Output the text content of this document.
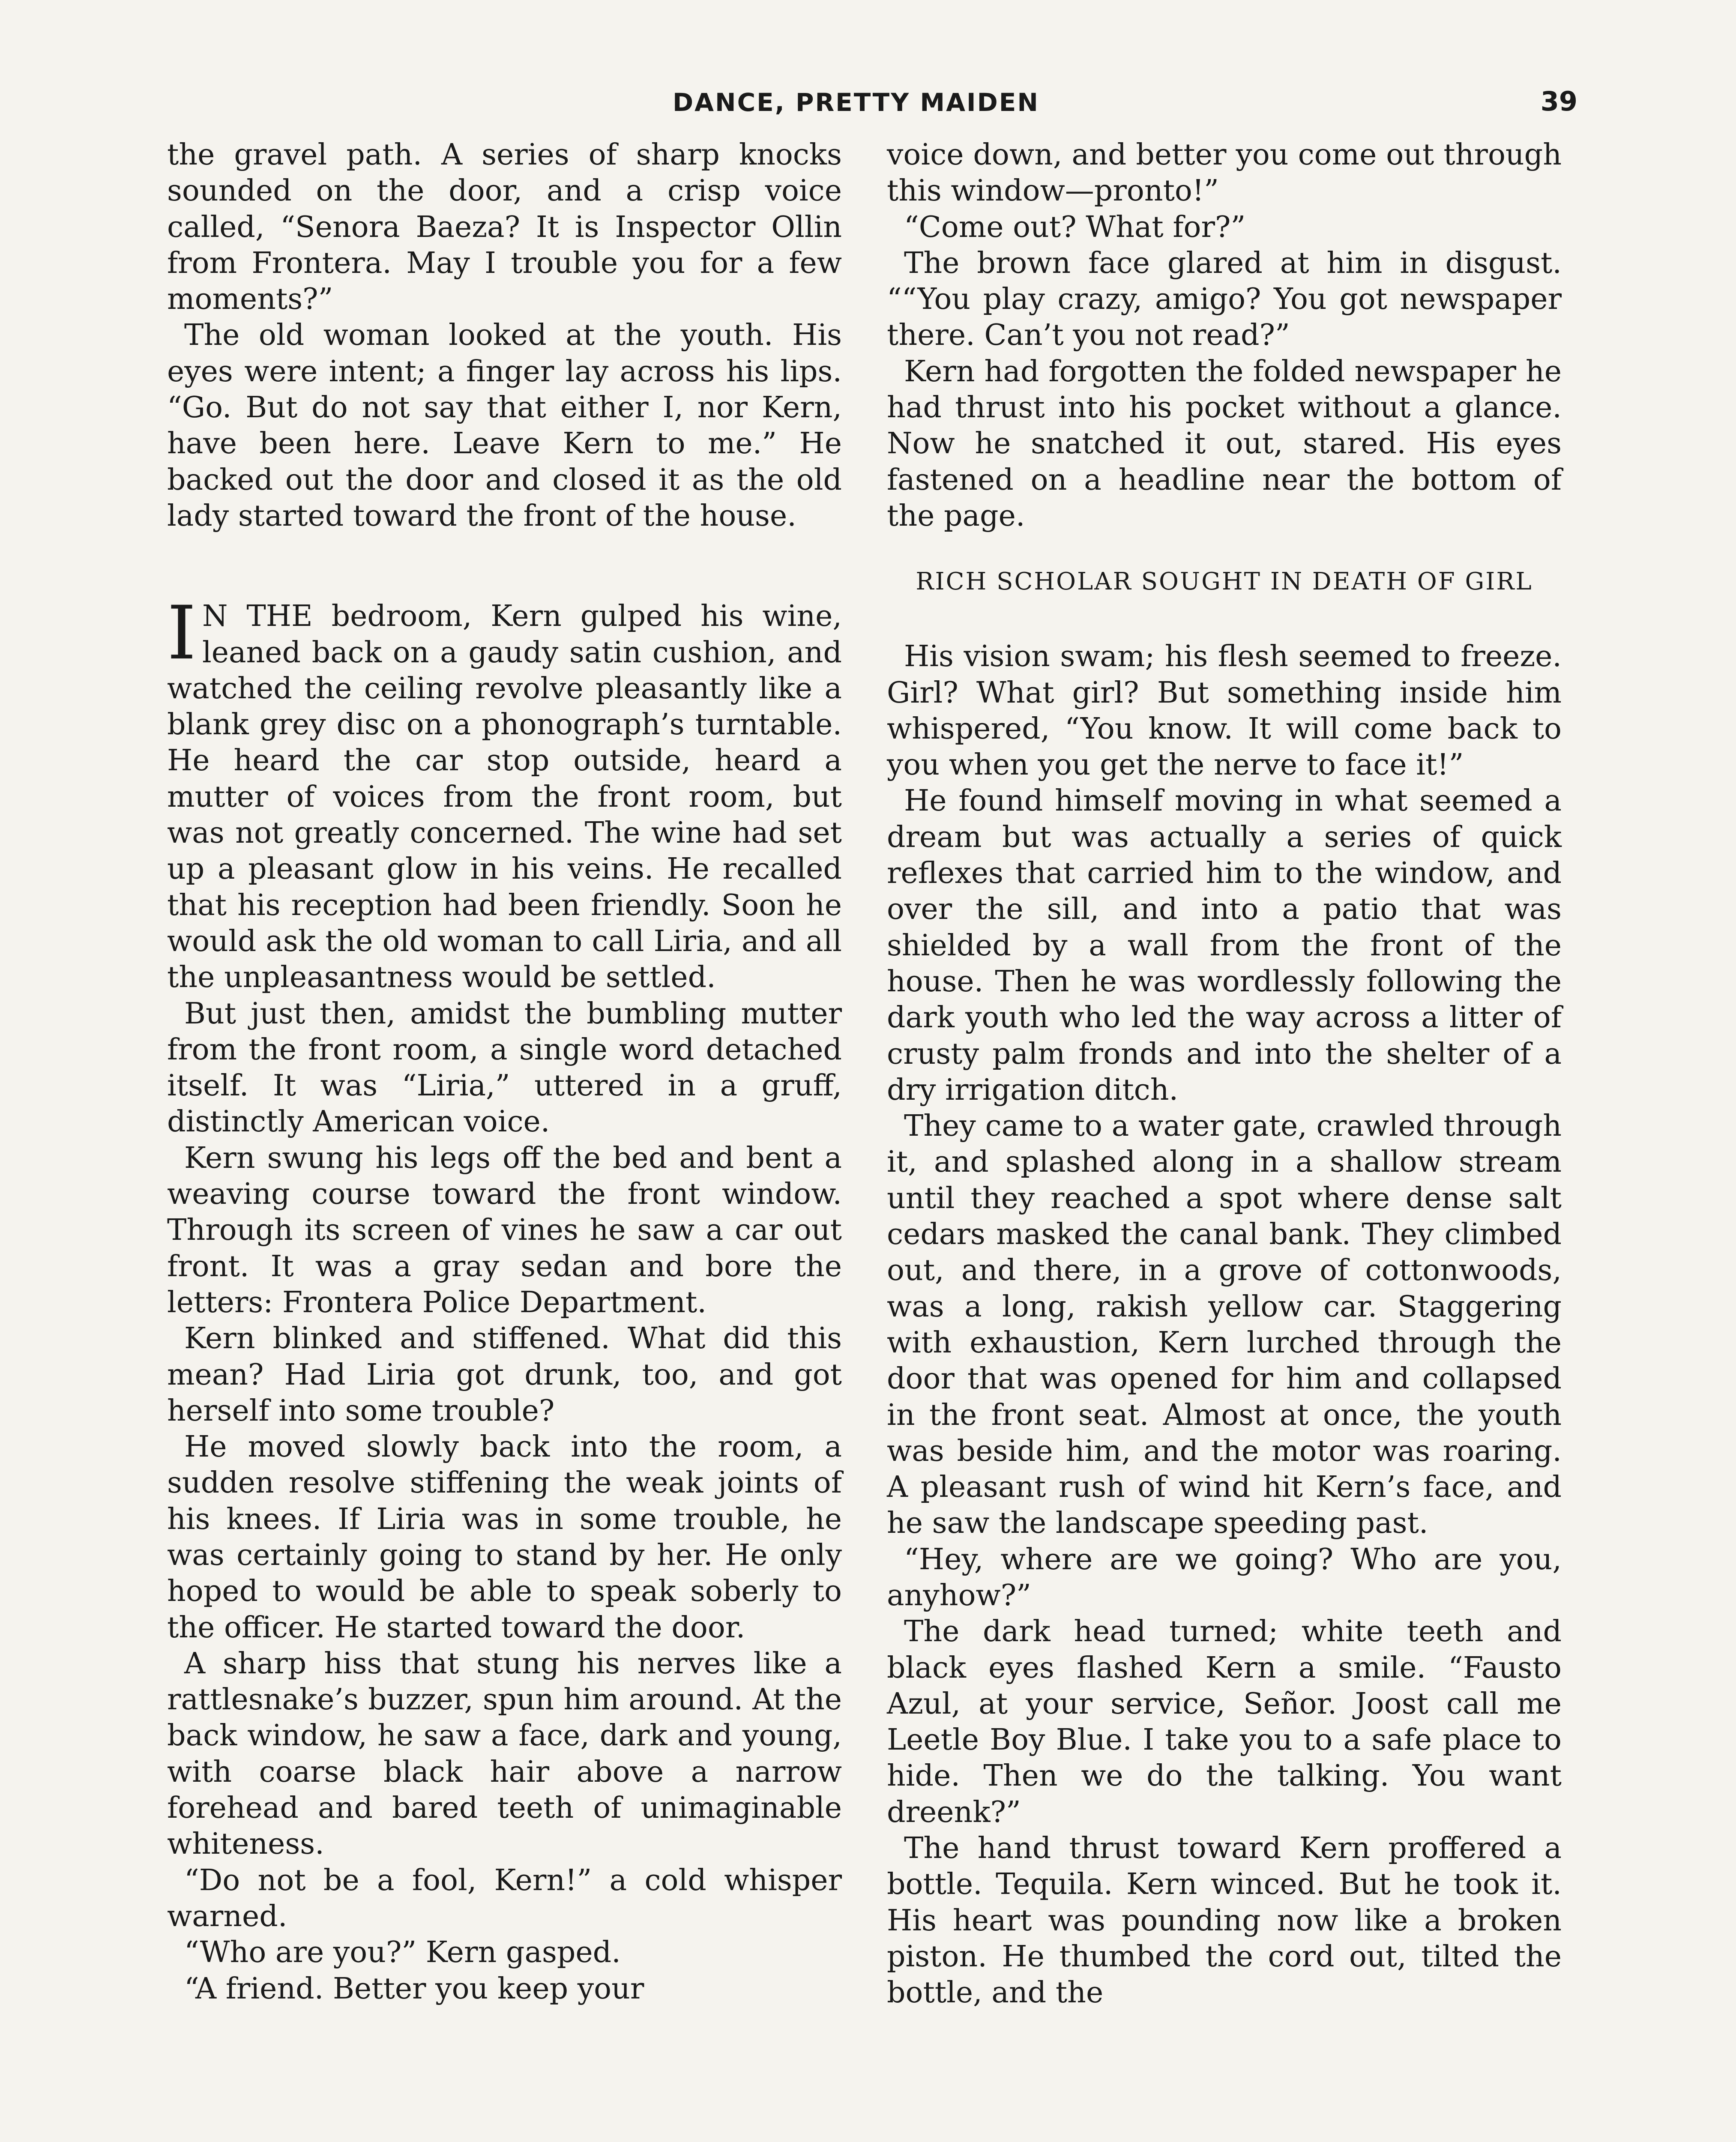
DANCE, PRETTY MAIDEN	39

the gravel path. A series of sharp knocks sounded on the door, and a crisp voice called, “Senora Baeza? It is Inspector Ollin from Frontera. May I trouble you for a few moments?”

The old woman looked at the youth. His eyes were intent; a finger lay across his lips. “Go. But do not say that either I, nor Kern, have been here. Leave Kern to me.” He backed out the door and closed it as the old lady started toward the front of the house.

I N THE bedroom, Kern gulped his wine, leaned back on a gaudy satin cushion, and watched the ceiling revolve pleasantly like a blank grey disc on a phonograph’s turntable. He heard the car stop outside, heard a mutter of voices from the front room, but was not greatly concerned. The wine had set up a pleasant glow in his veins. He recalled that his reception had been friendly. Soon he would ask the old woman to call Liria, and all the unpleasantness would be settled.

But just then, amidst the bumbling mutter from the front room, a single word detached itself. It was “Liria,” uttered in a gruff, distinctly American voice.

Kern swung his legs off the bed and bent a weaving course toward the front window. Through its screen of vines he saw a car out front. It was a gray sedan and bore the letters: Frontera Police Department.

Kern blinked and stiffened. What did this mean? Had Liria got drunk, too, and got herself into some trouble?

He moved slowly back into the room, a sudden resolve stiffening the weak joints of his knees. If Liria was in some trouble, he was certainly going to stand by her. He only hoped to would be able to speak soberly to the officer. He started toward the door.

A sharp hiss that stung his nerves like a rattlesnake’s buzzer, spun him around. At the back window, he saw a face, dark and young, with coarse black hair above a narrow forehead and bared teeth of unimaginable whiteness.

“Do not be a fool, Kern!” a cold whisper warned.

“Who are you?” Kern gasped.

“A friend. Better you keep your

voice down, and better you come out through this window—pronto!”

“Come out? What for?”

The brown face glared at him in disgust. ““You play crazy, amigo? You got newspaper there. Can’t you not read?”

Kern had forgotten the folded newspaper he had thrust into his pocket without a glance. Now he snatched it out, stared. His eyes fastened on a headline near the bottom of the page.

RICH SCHOLAR SOUGHT IN DEATH OF GIRL

His vision swam; his flesh seemed to freeze. Girl? What girl? But something inside him whispered, “You know. It will come back to you when you get the nerve to face it!”

He found himself moving in what seemed a dream but was actually a series of quick reflexes that carried him to the window, and over the sill, and into a patio that was shielded by a wall from the front of the house. Then he was wordlessly following the dark youth who led the way across a litter of crusty palm fronds and into the shelter of a dry irrigation ditch.

They came to a water gate, crawled through it, and splashed along in a shallow stream until they reached a spot where dense salt cedars masked the canal bank. They climbed out, and there, in a grove of cottonwoods, was a long, rakish yellow car. Staggering with exhaustion, Kern lurched through the door that was opened for him and collapsed in the front seat. Almost at once, the youth was beside him, and the motor was roaring. A pleasant rush of wind hit Kern’s face, and he saw the landscape speeding past.

“Hey, where are we going? Who are you, anyhow?”

The dark head turned; white teeth and black eyes flashed Kern a smile. “Fausto Azul, at your service, Señor. Joost call me Leetle Boy Blue. I take you to a safe place to hide. Then we do the talking. You want dreenk?”

The hand thrust toward Kern proffered a bottle. Tequila. Kern winced. But he took it. His heart was pounding now like a broken piston. He thumbed the cord out, tilted the bottle, and the
